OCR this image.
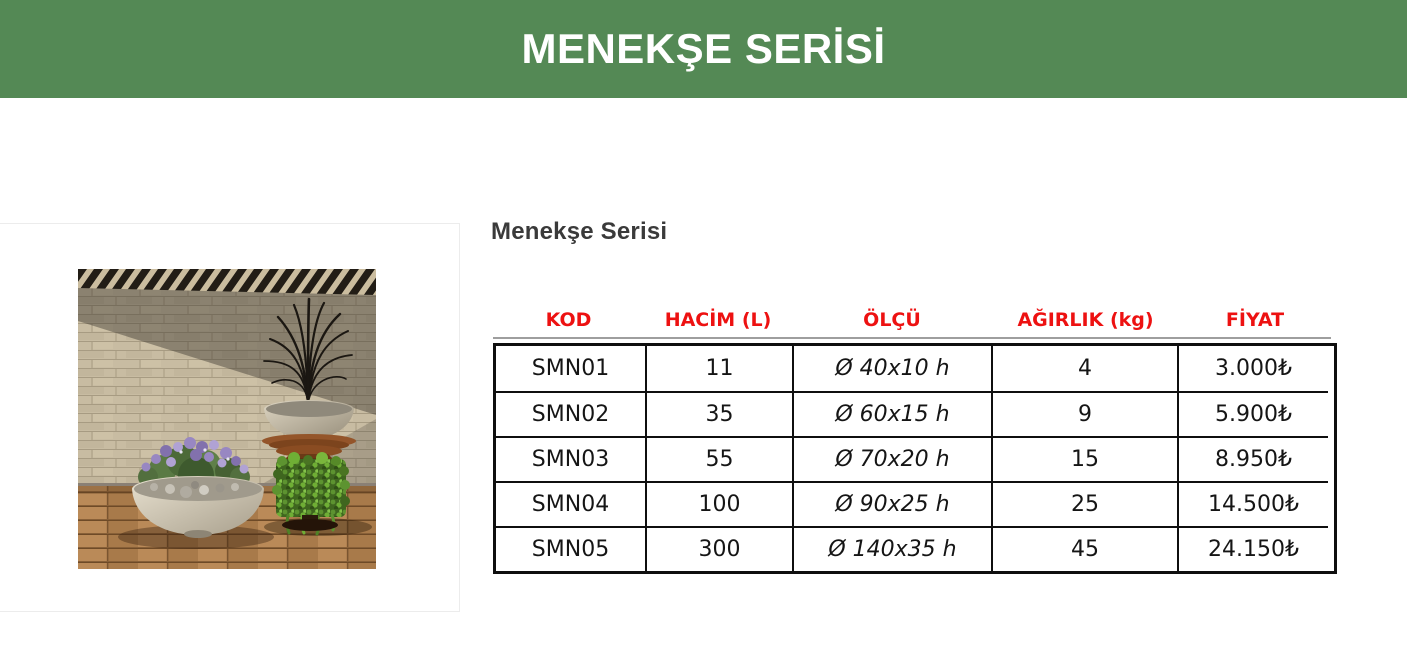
MENEKŞE SERİSİ
Menekşe Serisi
KOD	HACİM (L)	ÖLÇÜ	AĞIRLIK (kg)	FİYAT
SMN01	11	Ø 40x10 h	4	3.000₺
SMN02	35	Ø 60x15 h	9	5.900₺
SMN03	55	Ø 70x20 h	15	8.950₺
SMN04	100	Ø 90x25 h	25	14.500₺
SMN05	300	Ø 140x35 h	45	24.150₺
